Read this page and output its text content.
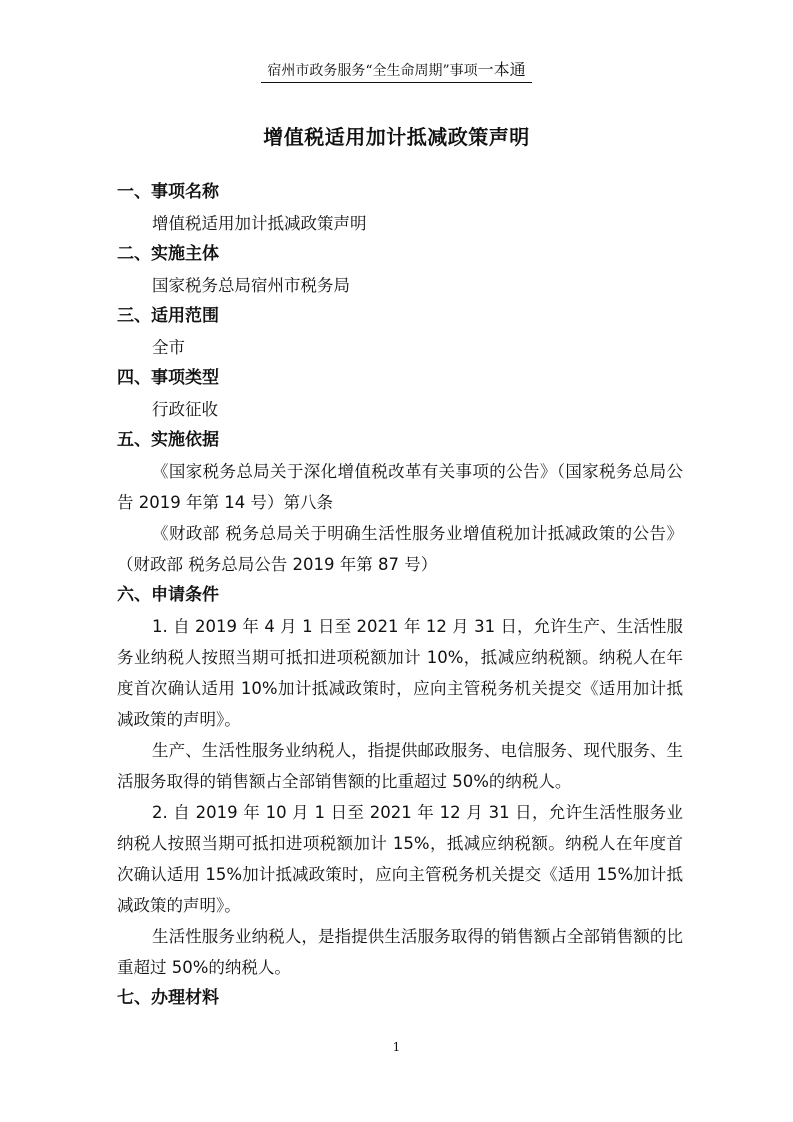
宿州市政务服务“全生命周期”事项一本通
增值税适用加计抵减政策声明
一、事项名称
增值税适用加计抵减政策声明
二、实施主体
国家税务总局宿州市税务局
三、适用范围
全市
四、事项类型
行政征收
五、实施依据
《国家税务总局关于深化增值税改革有关事项的公告》（国家税务总局公告 2019 年第 14 号）第八条
《财政部 税务总局关于明确生活性服务业增值税加计抵减政策的公告》（财政部 税务总局公告 2019 年第 87 号）
六、申请条件
1. 自 2019 年 4 月 1 日至 2021 年 12 月 31 日，允许生产、生活性服务业纳税人按照当期可抵扣进项税额加计 10%，抵减应纳税额。纳税人在年度首次确认适用 10%加计抵减政策时，应向主管税务机关提交《适用加计抵减政策的声明》。
生产、生活性服务业纳税人，指提供邮政服务、电信服务、现代服务、生活服务取得的销售额占全部销售额的比重超过 50%的纳税人。
2. 自 2019 年 10 月 1 日至 2021 年 12 月 31 日，允许生活性服务业纳税人按照当期可抵扣进项税额加计 15%，抵减应纳税额。纳税人在年度首次确认适用 15%加计抵减政策时，应向主管税务机关提交《适用 15%加计抵减政策的声明》。
生活性服务业纳税人，是指提供生活服务取得的销售额占全部销售额的比重超过 50%的纳税人。
七、办理材料
1
